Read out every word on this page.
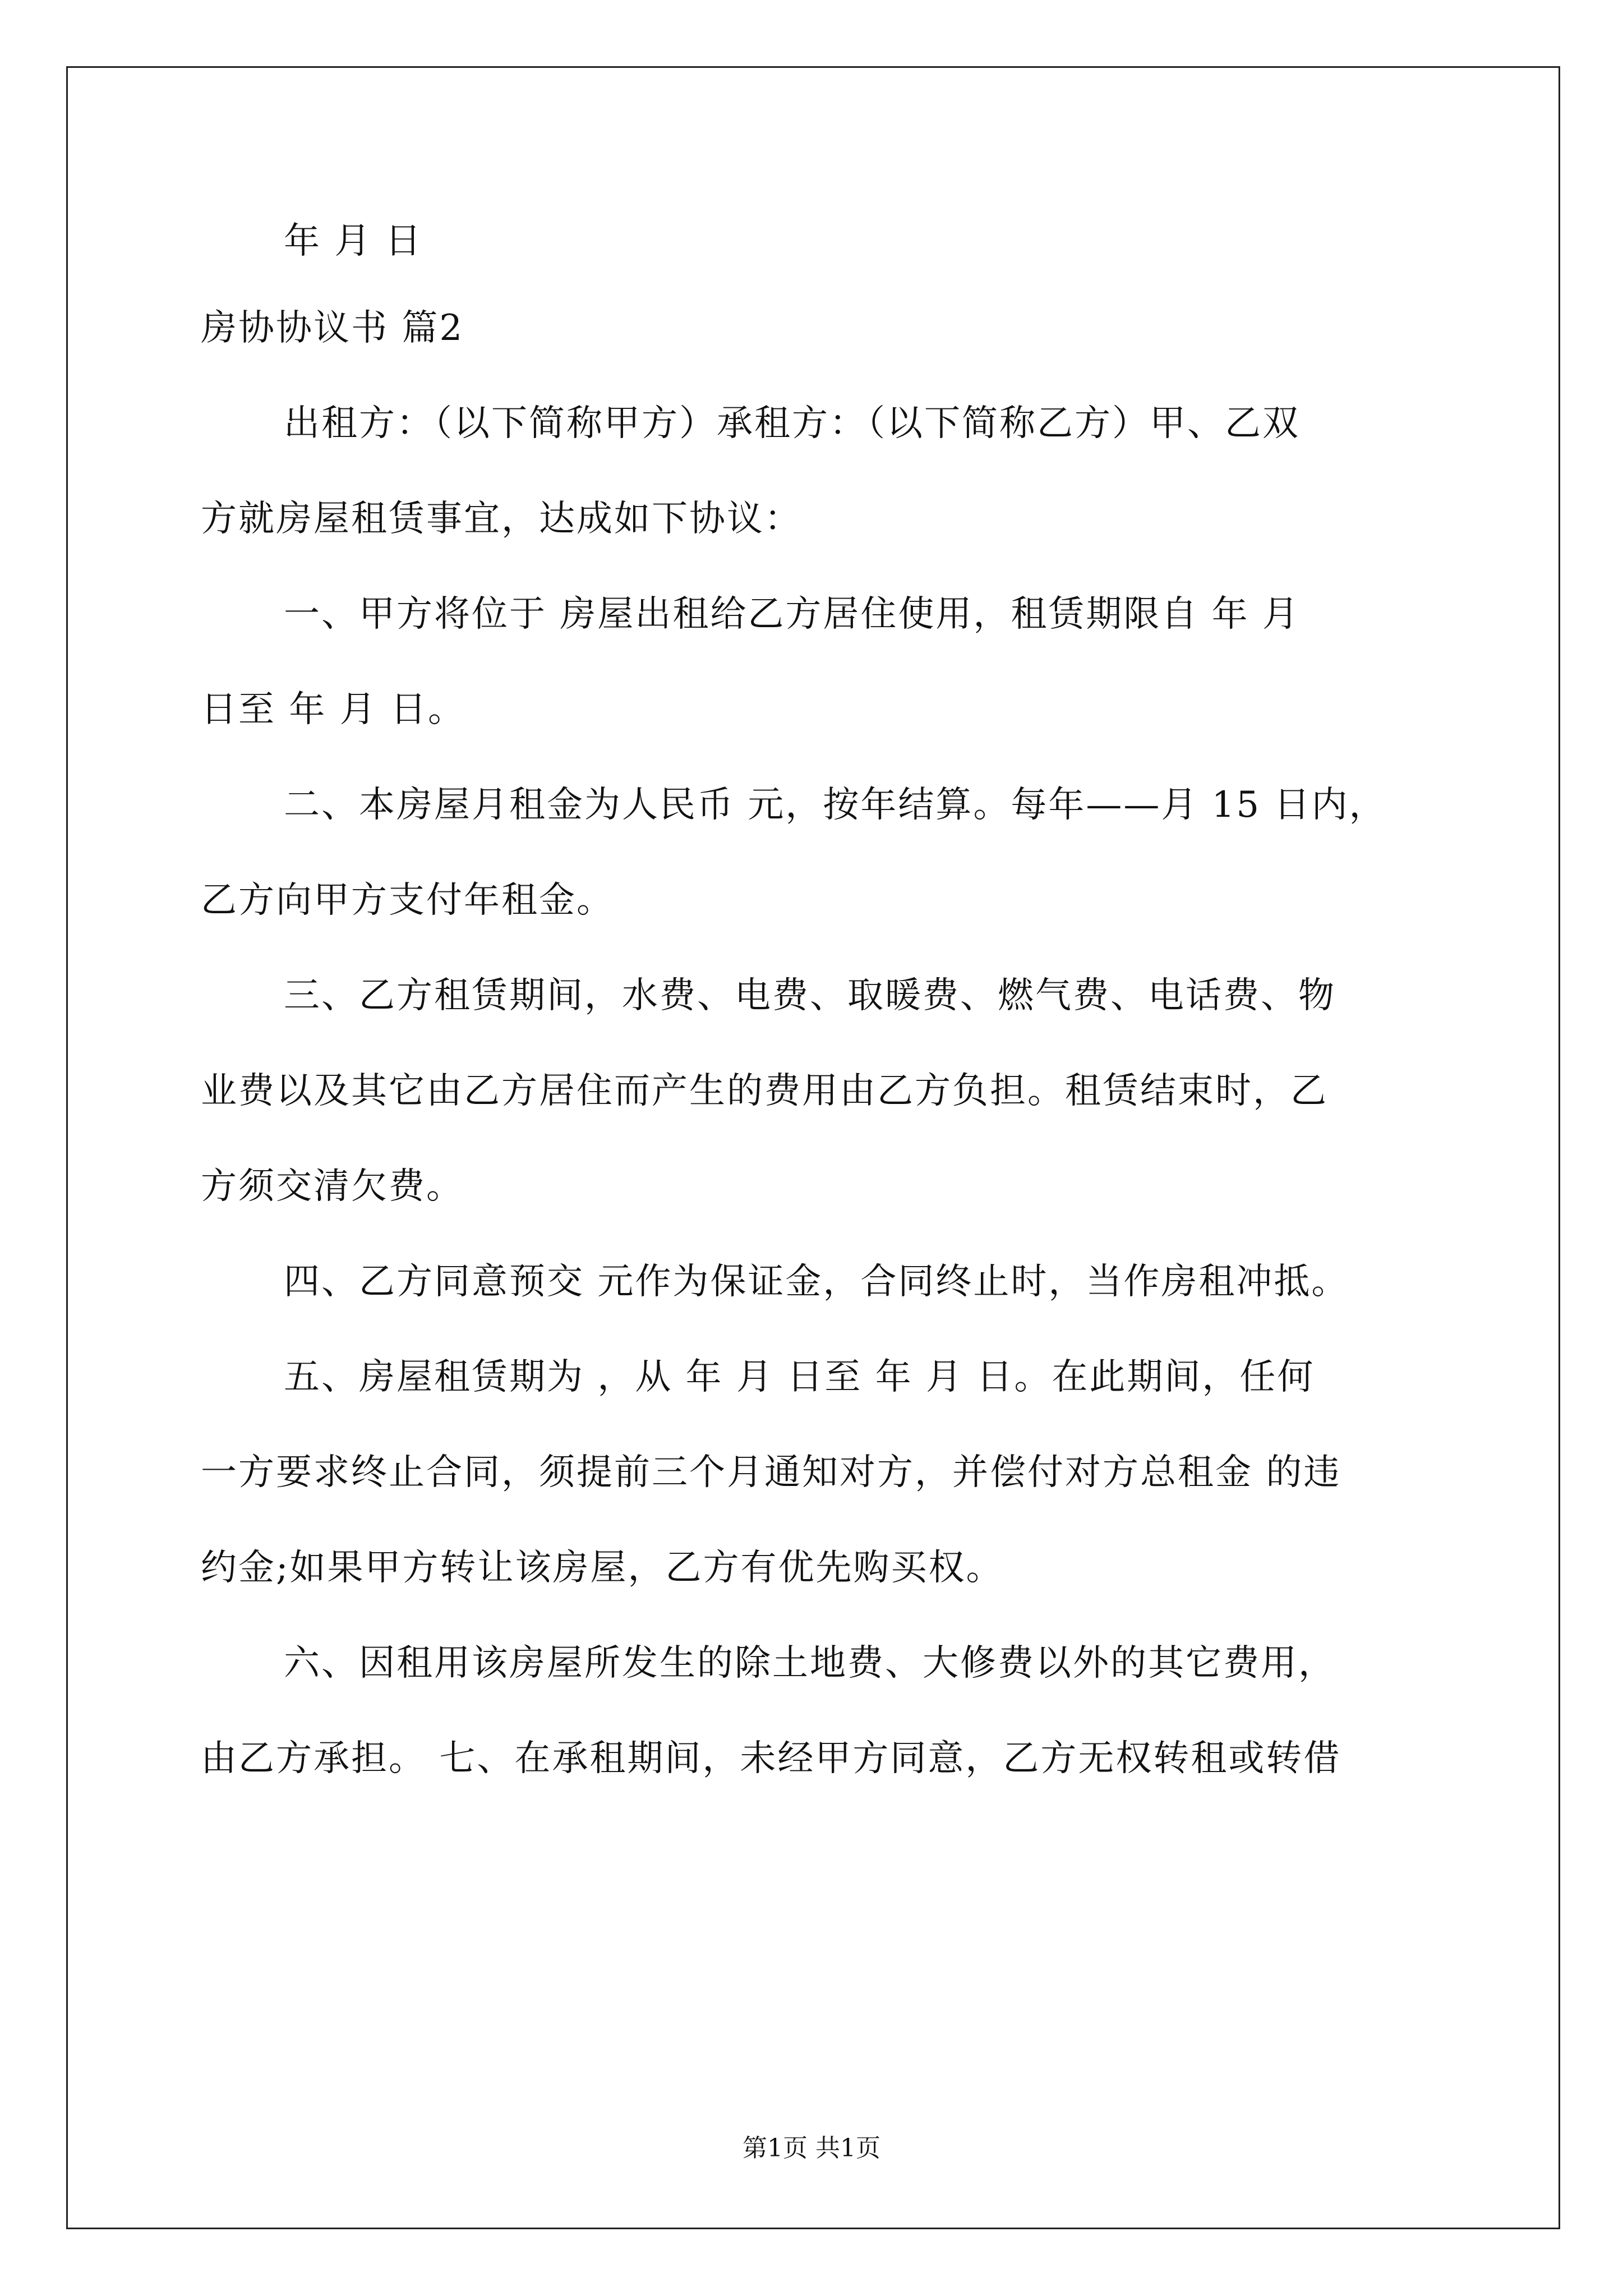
年 月 日
房协协议书 篇2
出租方：（以下简称甲方）承租方：（以下简称乙方）甲、乙双
方就房屋租赁事宜，达成如下协议：
一、甲方将位于 房屋出租给乙方居住使用，租赁期限自 年 月
日至 年 月 日。
二、本房屋月租金为人民币 元，按年结算。每年——月 15 日内，
乙方向甲方支付年租金。
三、乙方租赁期间，水费、电费、取暖费、燃气费、电话费、物
业费以及其它由乙方居住而产生的费用由乙方负担。租赁结束时，乙
方须交清欠费。
四、乙方同意预交 元作为保证金，合同终止时，当作房租冲抵。
五、房屋租赁期为 ，从 年 月 日至 年 月 日。在此期间，任何
一方要求终止合同，须提前三个月通知对方，并偿付对方总租金 的违
约金;如果甲方转让该房屋，乙方有优先购买权。
六、因租用该房屋所发生的除土地费、大修费以外的其它费用，
由乙方承担。 七、在承租期间，未经甲方同意，乙方无权转租或转借
第1页 共1页
